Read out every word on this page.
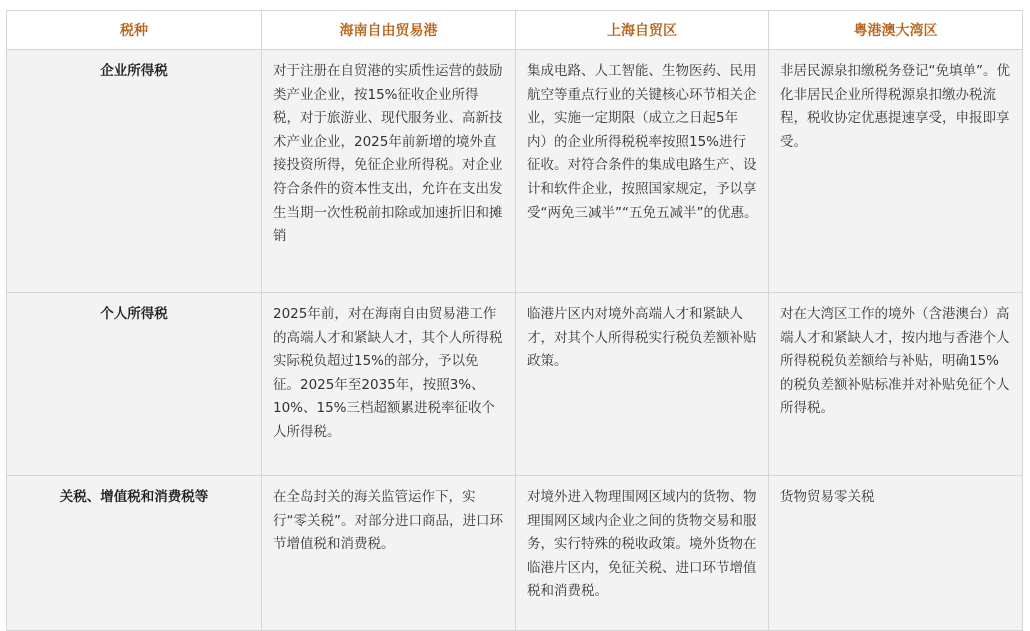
税种	海南自由贸易港	上海自贸区	粤港澳大湾区

企业所得税	对于注册在自贸港的实质性运营的鼓励类产业企业，按15%征收企业所得税，对于旅游业、现代服务业、高新技术产业企业，2025年前新增的境外直接投资所得，免征企业所得税。对企业符合条件的资本性支出，允许在支出发生当期一次性税前扣除或加速折旧和摊销	集成电路、人工智能、生物医药、民用航空等重点行业的关键核心环节相关企业，实施一定期限（成立之日起5年内）的企业所得税税率按照15%进行征收。对符合条件的集成电路生产、设计和软件企业，按照国家规定，予以享受“两免三减半”“五免五减半”的优惠。	非居民源泉扣缴税务登记“免填单”。优化非居民企业所得税源泉扣缴办税流程，税收协定优惠提速享受，申报即享受。

个人所得税	2025年前，对在海南自由贸易港工作的高端人才和紧缺人才，其个人所得税实际税负超过15%的部分，予以免征。2025年至2035年，按照3%、10%、15%三档超额累进税率征收个人所得税。	临港片区内对境外高端人才和紧缺人才，对其个人所得税实行税负差额补贴政策。	对在大湾区工作的境外（含港澳台）高端人才和紧缺人才，按内地与香港个人所得税税负差额给与补贴，明确15%的税负差额补贴标准并对补贴免征个人所得税。

关税、增值税和消费税等	在全岛封关的海关监管运作下，实行“零关税”。对部分进口商品，进口环节增值税和消费税。	对境外进入物理围网区域内的货物、物理围网区域内企业之间的货物交易和服务，实行特殊的税收政策。境外货物在临港片区内，免征关税、进口环节增值税和消费税。	货物贸易零关税
